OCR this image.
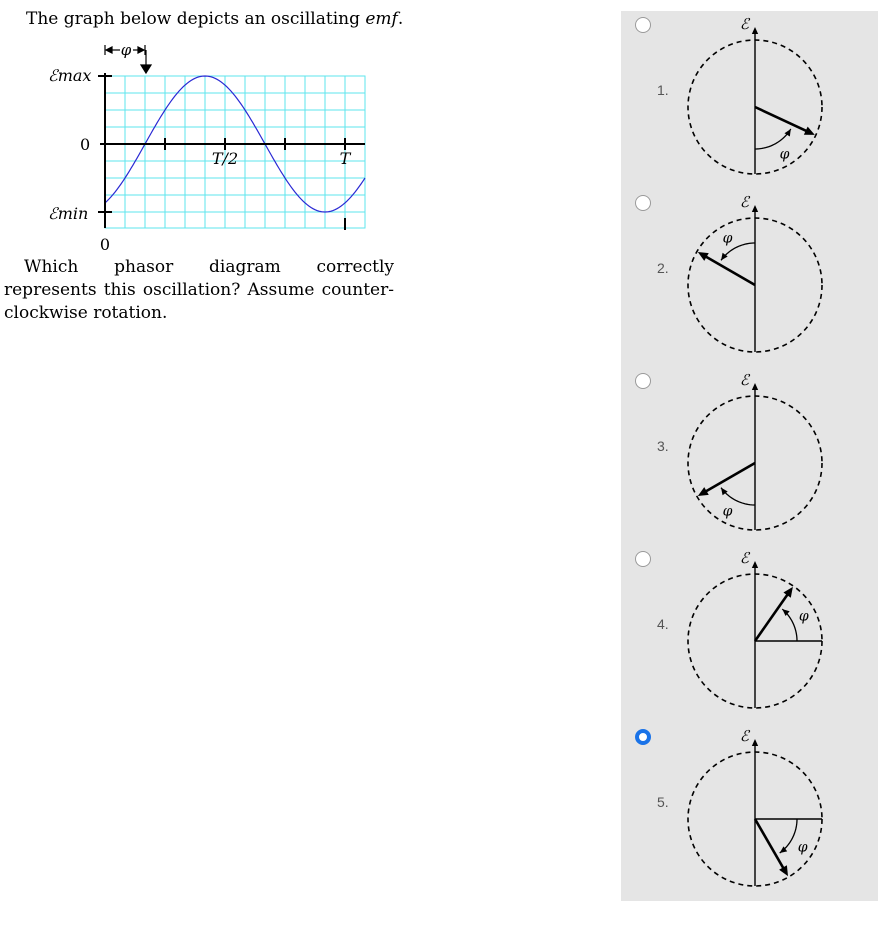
The graph below depicts an oscillating emf.
φ
ℰmax
0
ℰmin
0
T/2	T
Which phasor diagram correctly represents this oscillation? Assume counter-clockwise rotation.
1.
ℰ
φ
2.
ℰ
φ
3.
ℰ
φ
4.
ℰ
φ
5.
ℰ
φ
